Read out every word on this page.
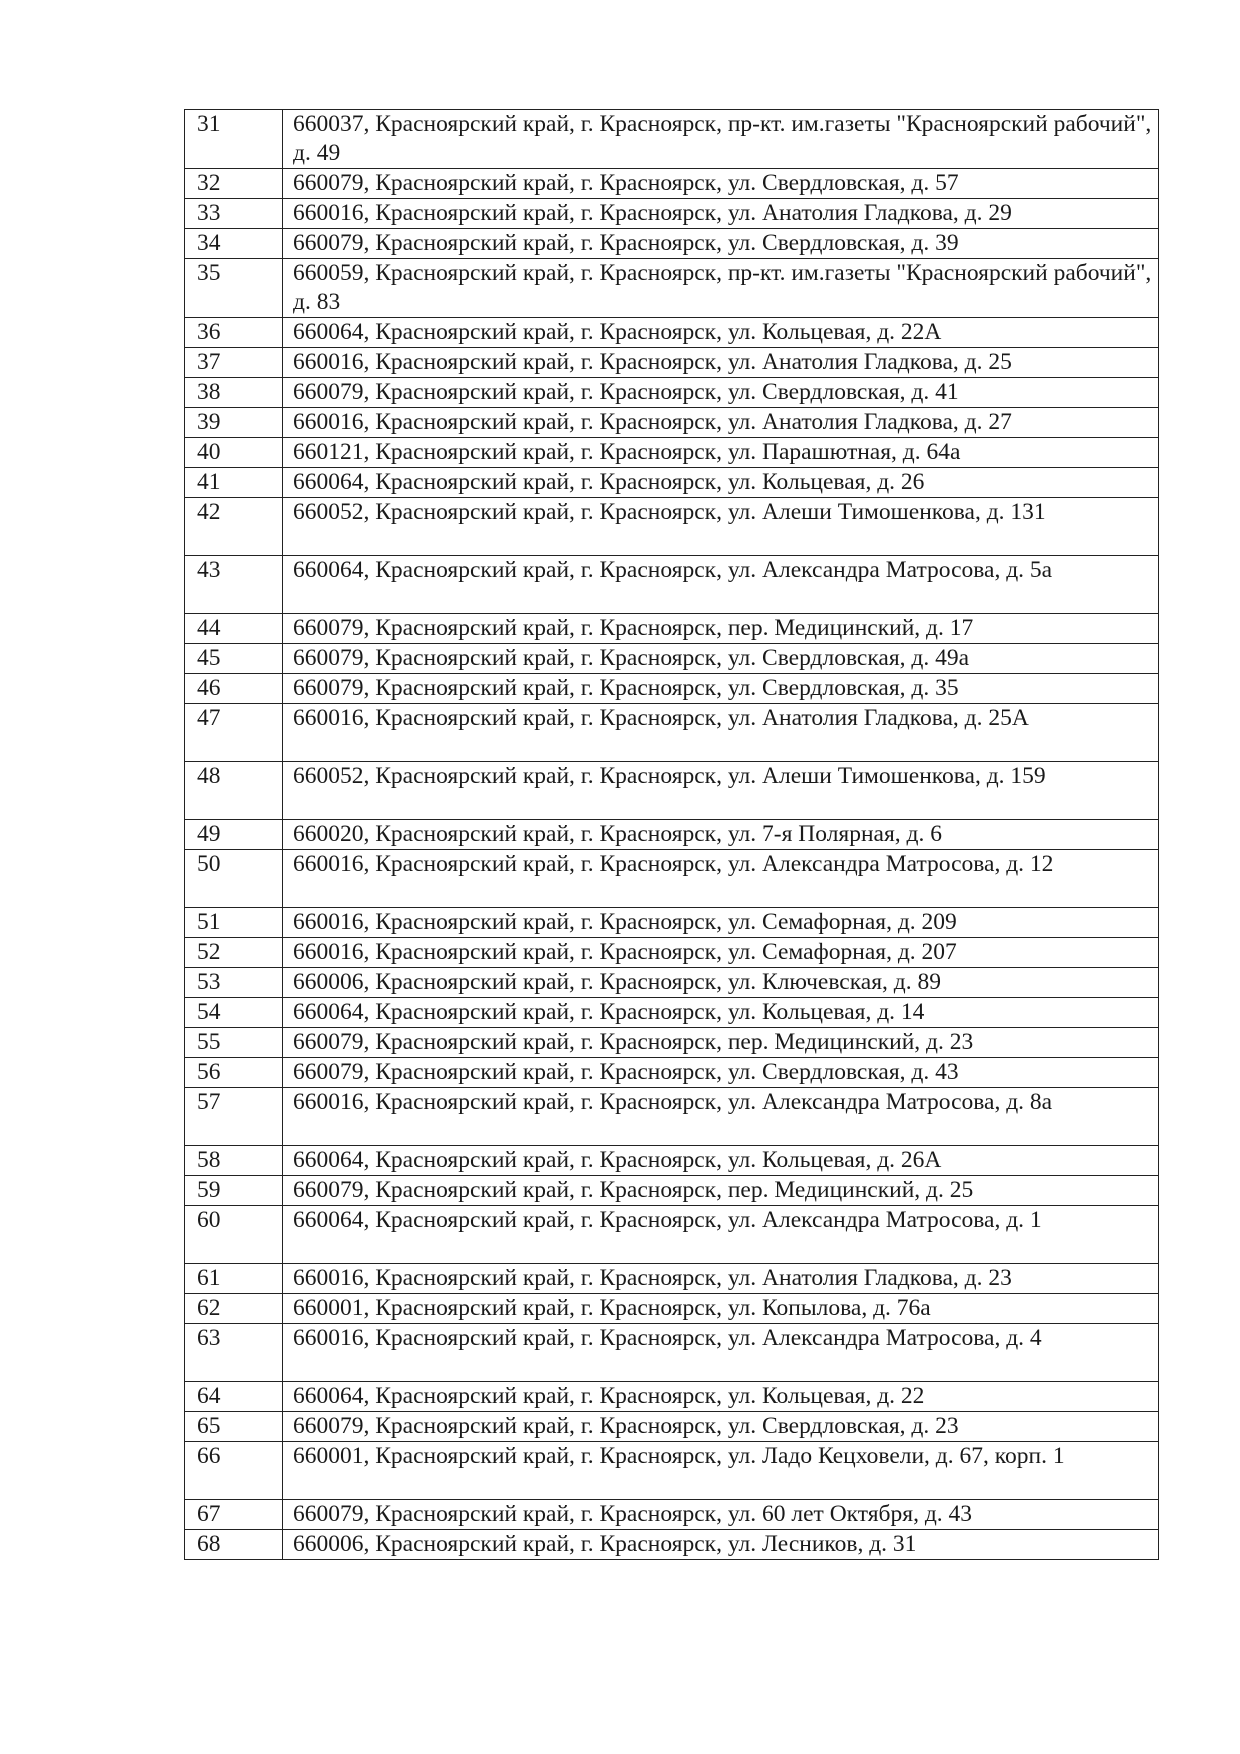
31	660037, Красноярский край, г. Красноярск, пр-кт. им.газеты "Красноярский рабочий", д. 49
32	660079, Красноярский край, г. Красноярск, ул. Свердловская, д. 57
33	660016, Красноярский край, г. Красноярск, ул. Анатолия Гладкова, д. 29
34	660079, Красноярский край, г. Красноярск, ул. Свердловская, д. 39
35	660059, Красноярский край, г. Красноярск, пр-кт. им.газеты "Красноярский рабочий", д. 83
36	660064, Красноярский край, г. Красноярск, ул. Кольцевая, д. 22А
37	660016, Красноярский край, г. Красноярск, ул. Анатолия Гладкова, д. 25
38	660079, Красноярский край, г. Красноярск, ул. Свердловская, д. 41
39	660016, Красноярский край, г. Красноярск, ул. Анатолия Гладкова, д. 27
40	660121, Красноярский край, г. Красноярск, ул. Парашютная, д. 64а
41	660064, Красноярский край, г. Красноярск, ул. Кольцевая, д. 26
42	660052, Красноярский край, г. Красноярск, ул. Алеши Тимошенкова, д. 131
43	660064, Красноярский край, г. Красноярск, ул. Александра Матросова, д. 5а
44	660079, Красноярский край, г. Красноярск, пер. Медицинский, д. 17
45	660079, Красноярский край, г. Красноярск, ул. Свердловская, д. 49а
46	660079, Красноярский край, г. Красноярск, ул. Свердловская, д. 35
47	660016, Красноярский край, г. Красноярск, ул. Анатолия Гладкова, д. 25А
48	660052, Красноярский край, г. Красноярск, ул. Алеши Тимошенкова, д. 159
49	660020, Красноярский край, г. Красноярск, ул. 7-я Полярная, д. 6
50	660016, Красноярский край, г. Красноярск, ул. Александра Матросова, д. 12
51	660016, Красноярский край, г. Красноярск, ул. Семафорная, д. 209
52	660016, Красноярский край, г. Красноярск, ул. Семафорная, д. 207
53	660006, Красноярский край, г. Красноярск, ул. Ключевская, д. 89
54	660064, Красноярский край, г. Красноярск, ул. Кольцевая, д. 14
55	660079, Красноярский край, г. Красноярск, пер. Медицинский, д. 23
56	660079, Красноярский край, г. Красноярск, ул. Свердловская, д. 43
57	660016, Красноярский край, г. Красноярск, ул. Александра Матросова, д. 8а
58	660064, Красноярский край, г. Красноярск, ул. Кольцевая, д. 26А
59	660079, Красноярский край, г. Красноярск, пер. Медицинский, д. 25
60	660064, Красноярский край, г. Красноярск, ул. Александра Матросова, д. 1
61	660016, Красноярский край, г. Красноярск, ул. Анатолия Гладкова, д. 23
62	660001, Красноярский край, г. Красноярск, ул. Копылова, д. 76а
63	660016, Красноярский край, г. Красноярск, ул. Александра Матросова, д. 4
64	660064, Красноярский край, г. Красноярск, ул. Кольцевая, д. 22
65	660079, Красноярский край, г. Красноярск, ул. Свердловская, д. 23
66	660001, Красноярский край, г. Красноярск, ул. Ладо Кецховели, д. 67, корп. 1
67	660079, Красноярский край, г. Красноярск, ул. 60 лет Октября, д. 43
68	660006, Красноярский край, г. Красноярск, ул. Лесников, д. 31
